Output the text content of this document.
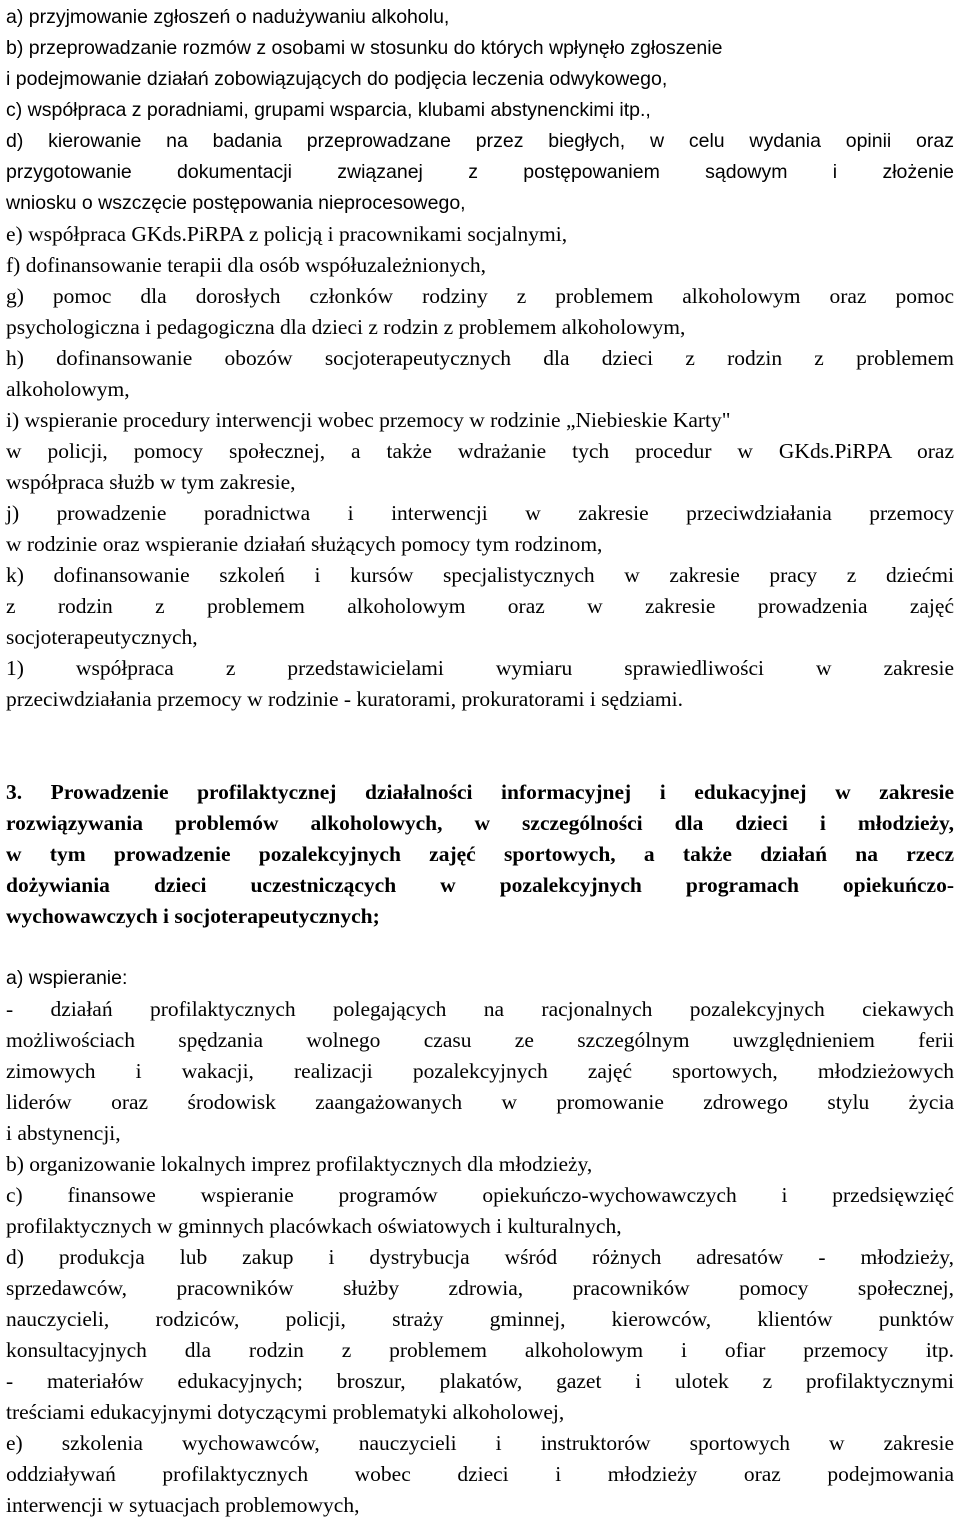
a) przyjmowanie zgłoszeń o nadużywaniu alkoholu,
b) przeprowadzanie rozmów z osobami w stosunku do których wpłynęło zgłoszenie
i podejmowanie działań zobowiązujących do podjęcia leczenia odwykowego,
c) współpraca z poradniami, grupami wsparcia, klubami abstynenckimi itp.,
d) kierowanie na badania przeprowadzane przez biegłych, w celu wydania opinii oraz
przygotowanie dokumentacji związanej z postępowaniem sądowym i złożenie
wniosku o wszczęcie postępowania nieprocesowego,
e) współpraca GKds.PiRPA z policją i pracownikami socjalnymi,
f) dofinansowanie terapii dla osób współuzależnionych,
g) pomoc dla dorosłych członków rodziny z problemem alkoholowym oraz pomoc
psychologiczna i pedagogiczna dla dzieci z rodzin z problemem alkoholowym,
h) dofinansowanie obozów socjoterapeutycznych dla dzieci z rodzin z problemem
alkoholowym,
i) wspieranie procedury interwencji wobec przemocy w rodzinie „Niebieskie Karty"
w policji, pomocy społecznej, a także wdrażanie tych procedur w GKds.PiRPA oraz
współpraca służb w tym zakresie,
j) prowadzenie poradnictwa i interwencji w zakresie przeciwdziałania przemocy
w rodzinie oraz wspieranie działań służących pomocy tym rodzinom,
k) dofinansowanie szkoleń i kursów specjalistycznych w zakresie pracy z dziećmi
z rodzin z problemem alkoholowym oraz w zakresie prowadzenia zajęć
socjoterapeutycznych,
1) współpraca z przedstawicielami wymiaru sprawiedliwości w zakresie
przeciwdziałania przemocy w rodzinie - kuratorami, prokuratorami i sędziami.
3. Prowadzenie profilaktycznej działalności informacyjnej i edukacyjnej w zakresie
rozwiązywania problemów alkoholowych, w szczególności dla dzieci i młodzieży,
w tym prowadzenie pozalekcyjnych zajęć sportowych, a także działań na rzecz
dożywiania dzieci uczestniczących w pozalekcyjnych programach opiekuńczo-
wychowawczych i socjoterapeutycznych;
a) wspieranie:
- działań profilaktycznych polegających na racjonalnych pozalekcyjnych ciekawych
możliwościach spędzania wolnego czasu ze szczególnym uwzględnieniem ferii
zimowych i wakacji, realizacji pozalekcyjnych zajęć sportowych, młodzieżowych
liderów oraz środowisk zaangażowanych w promowanie zdrowego stylu życia
i abstynencji,
b) organizowanie lokalnych imprez profilaktycznych dla młodzieży,
c) finansowe wspieranie programów opiekuńczo-wychowawczych i przedsięwzięć
profilaktycznych w gminnych placówkach oświatowych i kulturalnych,
d) produkcja lub zakup i dystrybucja wśród różnych adresatów - młodzieży,
sprzedawców, pracowników służby zdrowia, pracowników pomocy społecznej,
nauczycieli, rodziców, policji, straży gminnej, kierowców, klientów punktów
konsultacyjnych dla rodzin z problemem alkoholowym i ofiar przemocy itp.
- materiałów edukacyjnych; broszur, plakatów, gazet i ulotek z profilaktycznymi
treściami edukacyjnymi dotyczącymi problematyki alkoholowej,
e) szkolenia wychowawców, nauczycieli i instruktorów sportowych w zakresie
oddziaływań profilaktycznych wobec dzieci i młodzieży oraz podejmowania
interwencji w sytuacjach problemowych,
